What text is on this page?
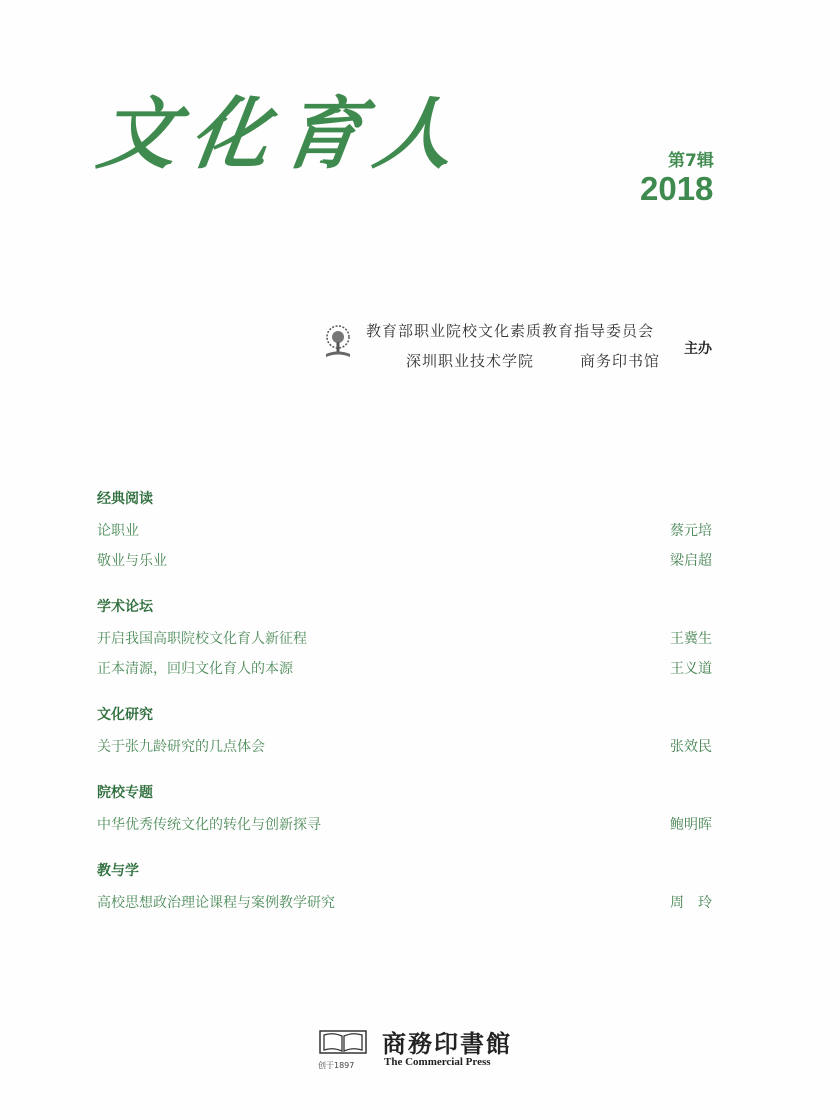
文化育人	第7辑
2018
教育部职业院校文化素质教育指导委员会
深圳职业技术学院	商务印书馆
主办
经典阅读
论职业	蔡元培
敬业与乐业	梁启超
学术论坛
开启我国高职院校文化育人新征程	王冀生
正本清源，回归文化育人的本源	王义道
文化研究
关于张九龄研究的几点体会	张效民
院校专题
中华优秀传统文化的转化与创新探寻	鲍明晖
教与学
高校思想政治理论课程与案例教学研究	周　玲
创于1897
商務印書館
The Commercial Press
